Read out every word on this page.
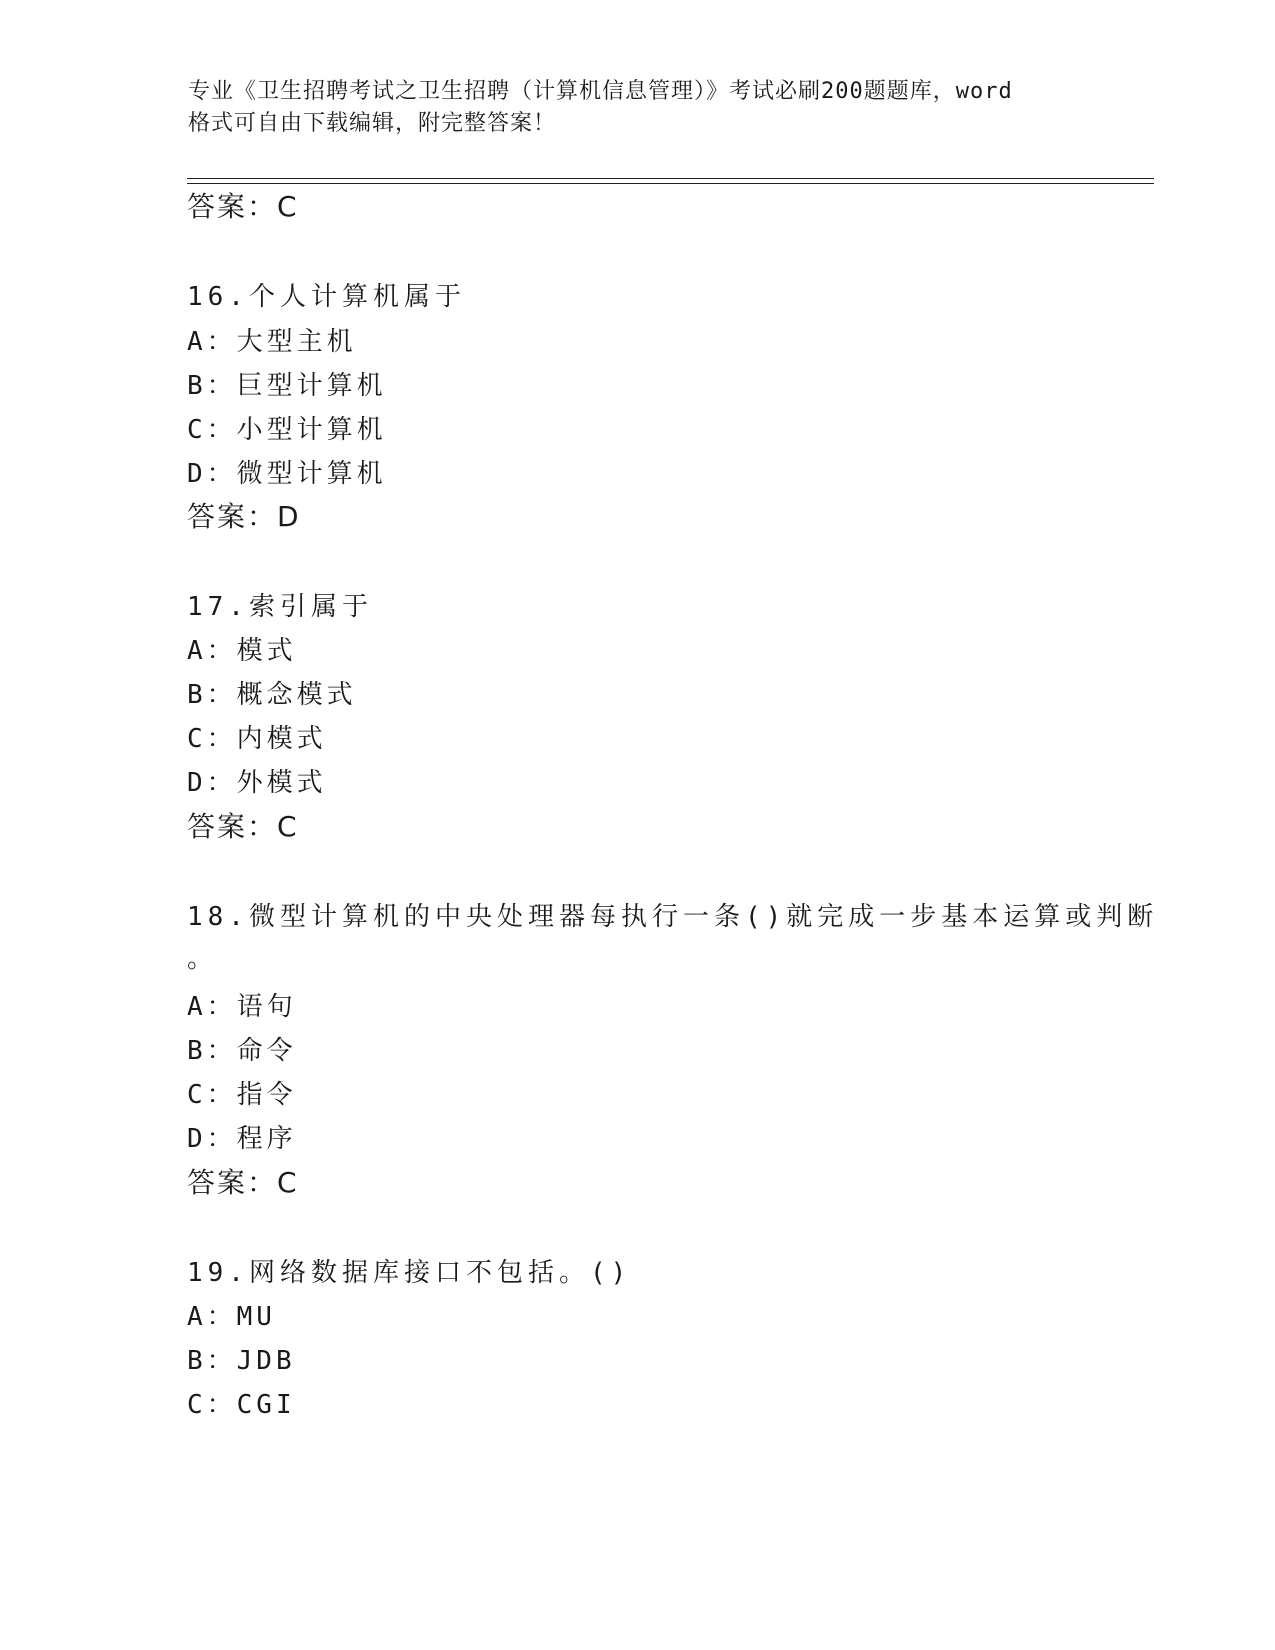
专业《卫生招聘考试之卫生招聘（计算机信息管理）》考试必刷200题题库，word
格式可自由下载编辑，附完整答案！
答案：C
16.个人计算机属于
A：大型主机
B：巨型计算机
C：小型计算机
D：微型计算机
答案：D
17.索引属于
A：模式
B：概念模式
C：内模式
D：外模式
答案：C
18.微型计算机的中央处理器每执行一条()就完成一步基本运算或判断
。
A：语句
B：命令
C：指令
D：程序
答案：C
19.网络数据库接口不包括。()
A：MU
B：JDB
C：CGI
